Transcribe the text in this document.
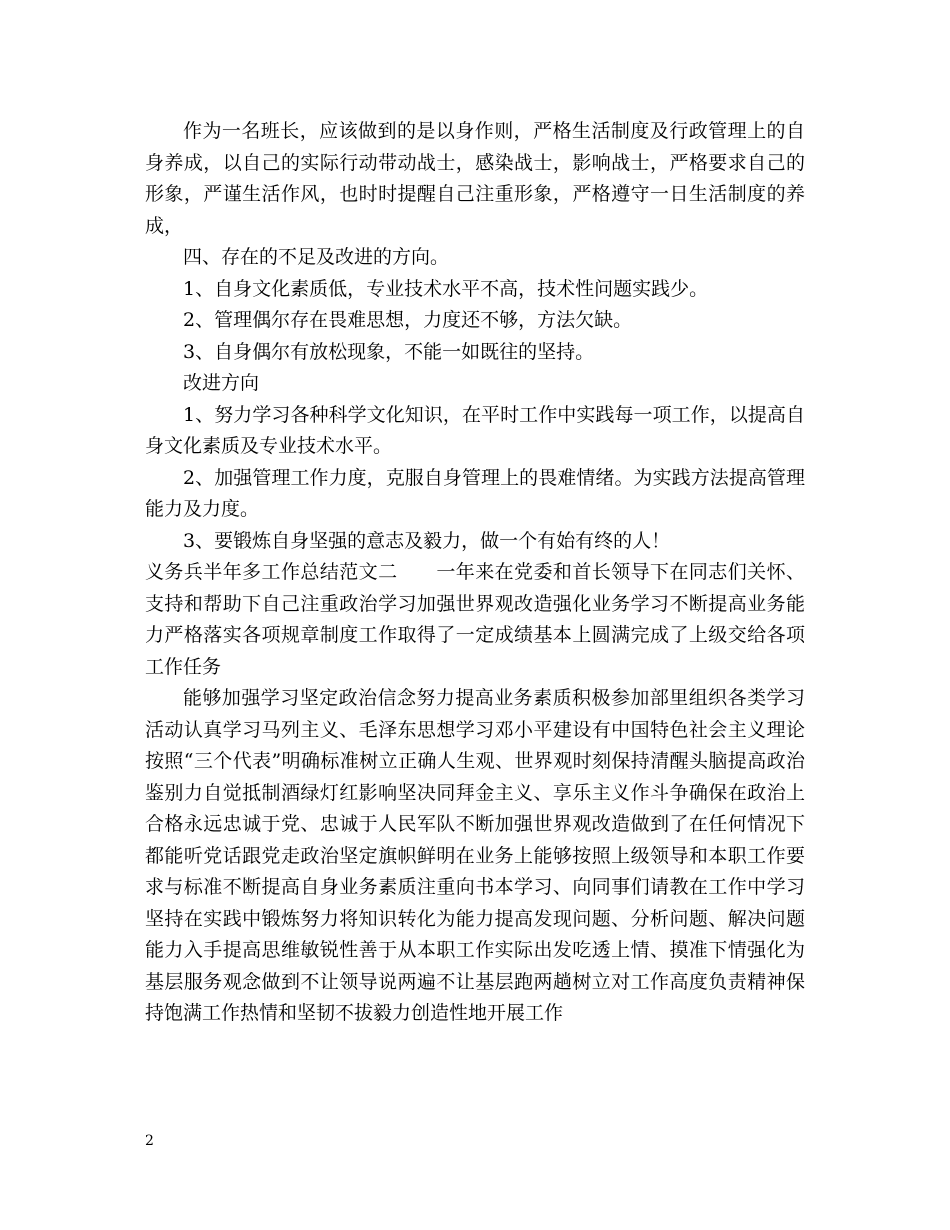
作为一名班长，应该做到的是以身作则，严格生活制度及行政管理上的自身养成，以自己的实际行动带动战士，感染战士，影响战士，严格要求自己的形象，严谨生活作风，也时时提醒自己注重形象，严格遵守一日生活制度的养成，

四、存在的不足及改进的方向。

1、自身文化素质低，专业技术水平不高，技术性问题实践少。

2、管理偶尔存在畏难思想，力度还不够，方法欠缺。

3、自身偶尔有放松现象，不能一如既往的坚持。

改进方向

1、努力学习各种科学文化知识，在平时工作中实践每一项工作，以提高自身文化素质及专业技术水平。

2、加强管理工作力度，克服自身管理上的畏难情绪。为实践方法提高管理能力及力度。

3、要锻炼自身坚强的意志及毅力，做一个有始有终的人！

义务兵半年多工作总结范文二　　一年来在党委和首长领导下在同志们关怀、支持和帮助下自己注重政治学习加强世界观改造强化业务学习不断提高业务能力严格落实各项规章制度工作取得了一定成绩基本上圆满完成了上级交给各项工作任务

能够加强学习坚定政治信念努力提高业务素质积极参加部里组织各类学习活动认真学习马列主义、毛泽东思想学习邓小平建设有中国特色社会主义理论按照“三个代表”明确标准树立正确人生观、世界观时刻保持清醒头脑提高政治鉴别力自觉抵制酒绿灯红影响坚决同拜金主义、享乐主义作斗争确保在政治上合格永远忠诚于党、忠诚于人民军队不断加强世界观改造做到了在任何情况下都能听党话跟党走政治坚定旗帜鲜明在业务上能够按照上级领导和本职工作要求与标准不断提高自身业务素质注重向书本学习、向同事们请教在工作中学习坚持在实践中锻炼努力将知识转化为能力提高发现问题、分析问题、解决问题能力入手提高思维敏锐性善于从本职工作实际出发吃透上情、摸准下情强化为基层服务观念做到不让领导说两遍不让基层跑两趟树立对工作高度负责精神保持饱满工作热情和坚韧不拔毅力创造性地开展工作

2
